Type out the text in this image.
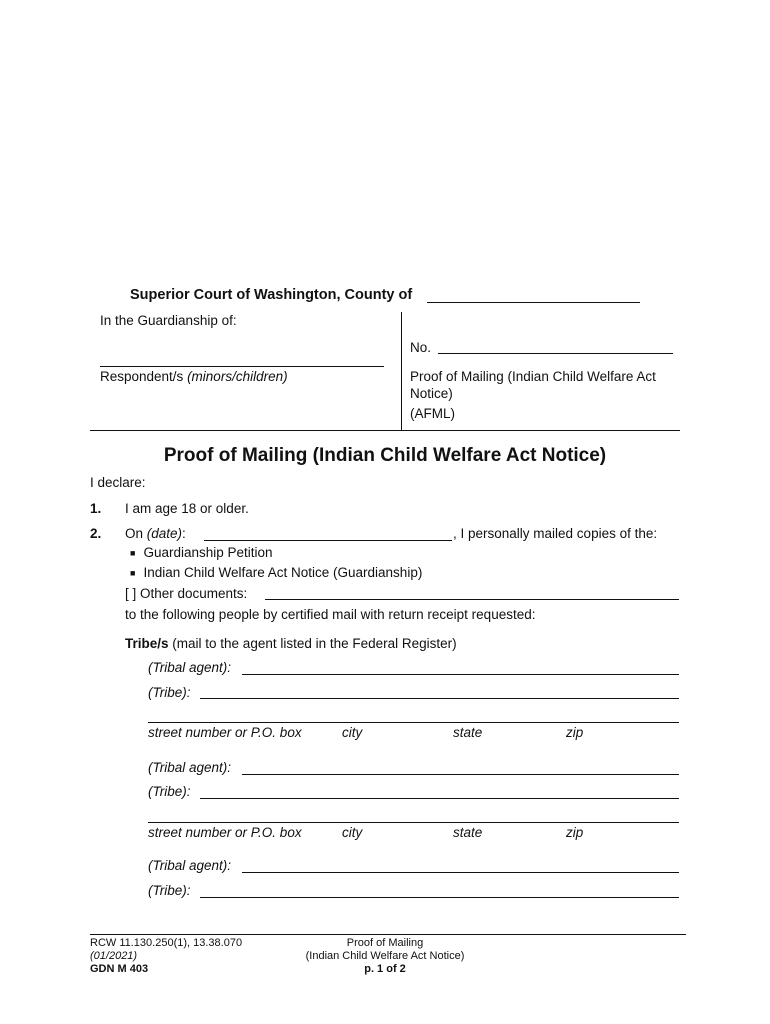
Superior Court of Washington, County of
In the Guardianship of:
Respondent/s (minors/children)
No.
Proof of Mailing (Indian Child Welfare Act
Notice)
(AFML)
Proof of Mailing (Indian Child Welfare Act Notice)
I declare:
1. I am age 18 or older.
2. On (date):	, I personally mailed copies of the:
■ Guardianship Petition
■ Indian Child Welfare Act Notice (Guardianship)
[ ] Other documents:
to the following people by certified mail with return receipt requested:
Tribe/s (mail to the agent listed in the Federal Register)
(Tribal agent):
(Tribe):
street number or P.O. box	city	state	zip
(Tribal agent):
(Tribe):
street number or P.O. box	city	state	zip
(Tribal agent):
(Tribe):
RCW 11.130.250(1), 13.38.070
(01/2021)
GDN M 403
Proof of Mailing
(Indian Child Welfare Act Notice)
p. 1 of 2
